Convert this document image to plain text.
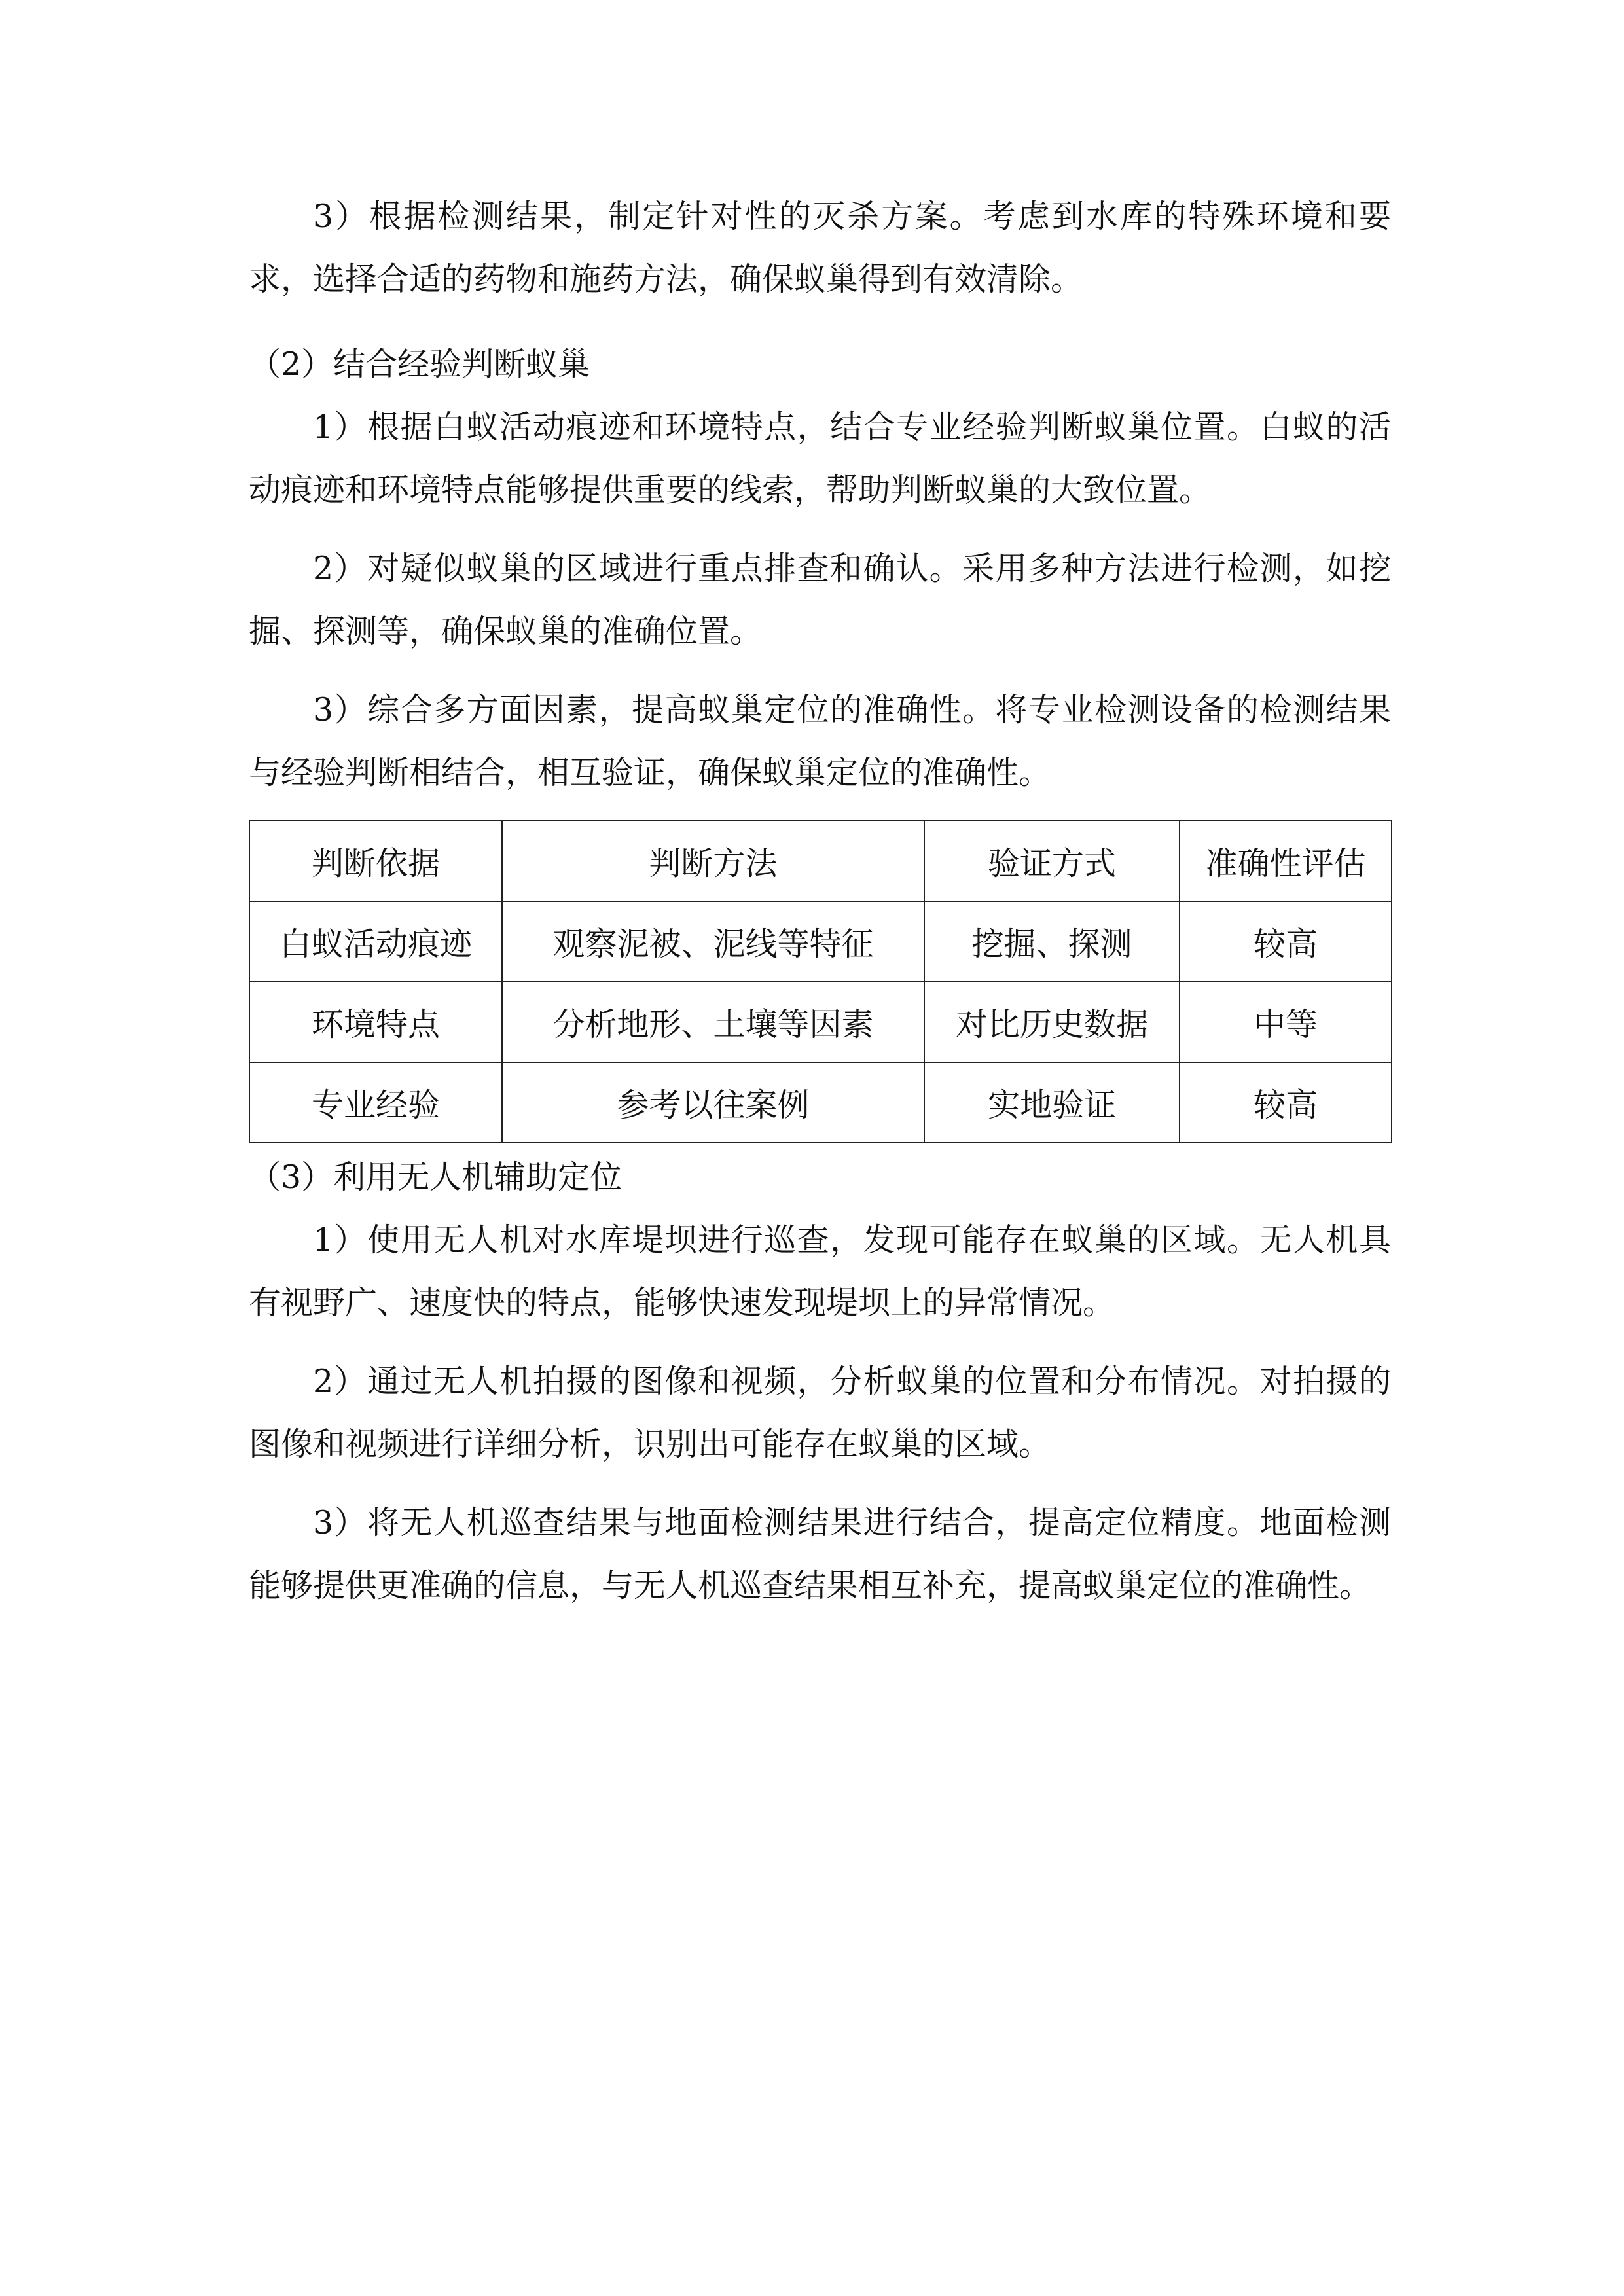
3）根据检测结果，制定针对性的灭杀方案。考虑到水库的特殊环境和要求，选择合适的药物和施药方法，确保蚁巢得到有效清除。

（2）结合经验判断蚁巢

1）根据白蚁活动痕迹和环境特点，结合专业经验判断蚁巢位置。白蚁的活动痕迹和环境特点能够提供重要的线索，帮助判断蚁巢的大致位置。

2）对疑似蚁巢的区域进行重点排查和确认。采用多种方法进行检测，如挖掘、探测等，确保蚁巢的准确位置。

3）综合多方面因素，提高蚁巢定位的准确性。将专业检测设备的检测结果与经验判断相结合，相互验证，确保蚁巢定位的准确性。

判断依据	判断方法	验证方式	准确性评估
白蚁活动痕迹	观察泥被、泥线等特征	挖掘、探测	较高
环境特点	分析地形、土壤等因素	对比历史数据	中等
专业经验	参考以往案例	实地验证	较高

（3）利用无人机辅助定位

1）使用无人机对水库堤坝进行巡查，发现可能存在蚁巢的区域。无人机具有视野广、速度快的特点，能够快速发现堤坝上的异常情况。

2）通过无人机拍摄的图像和视频，分析蚁巢的位置和分布情况。对拍摄的图像和视频进行详细分析，识别出可能存在蚁巢的区域。

3）将无人机巡查结果与地面检测结果进行结合，提高定位精度。地面检测能够提供更准确的信息，与无人机巡查结果相互补充，提高蚁巢定位的准确性。
